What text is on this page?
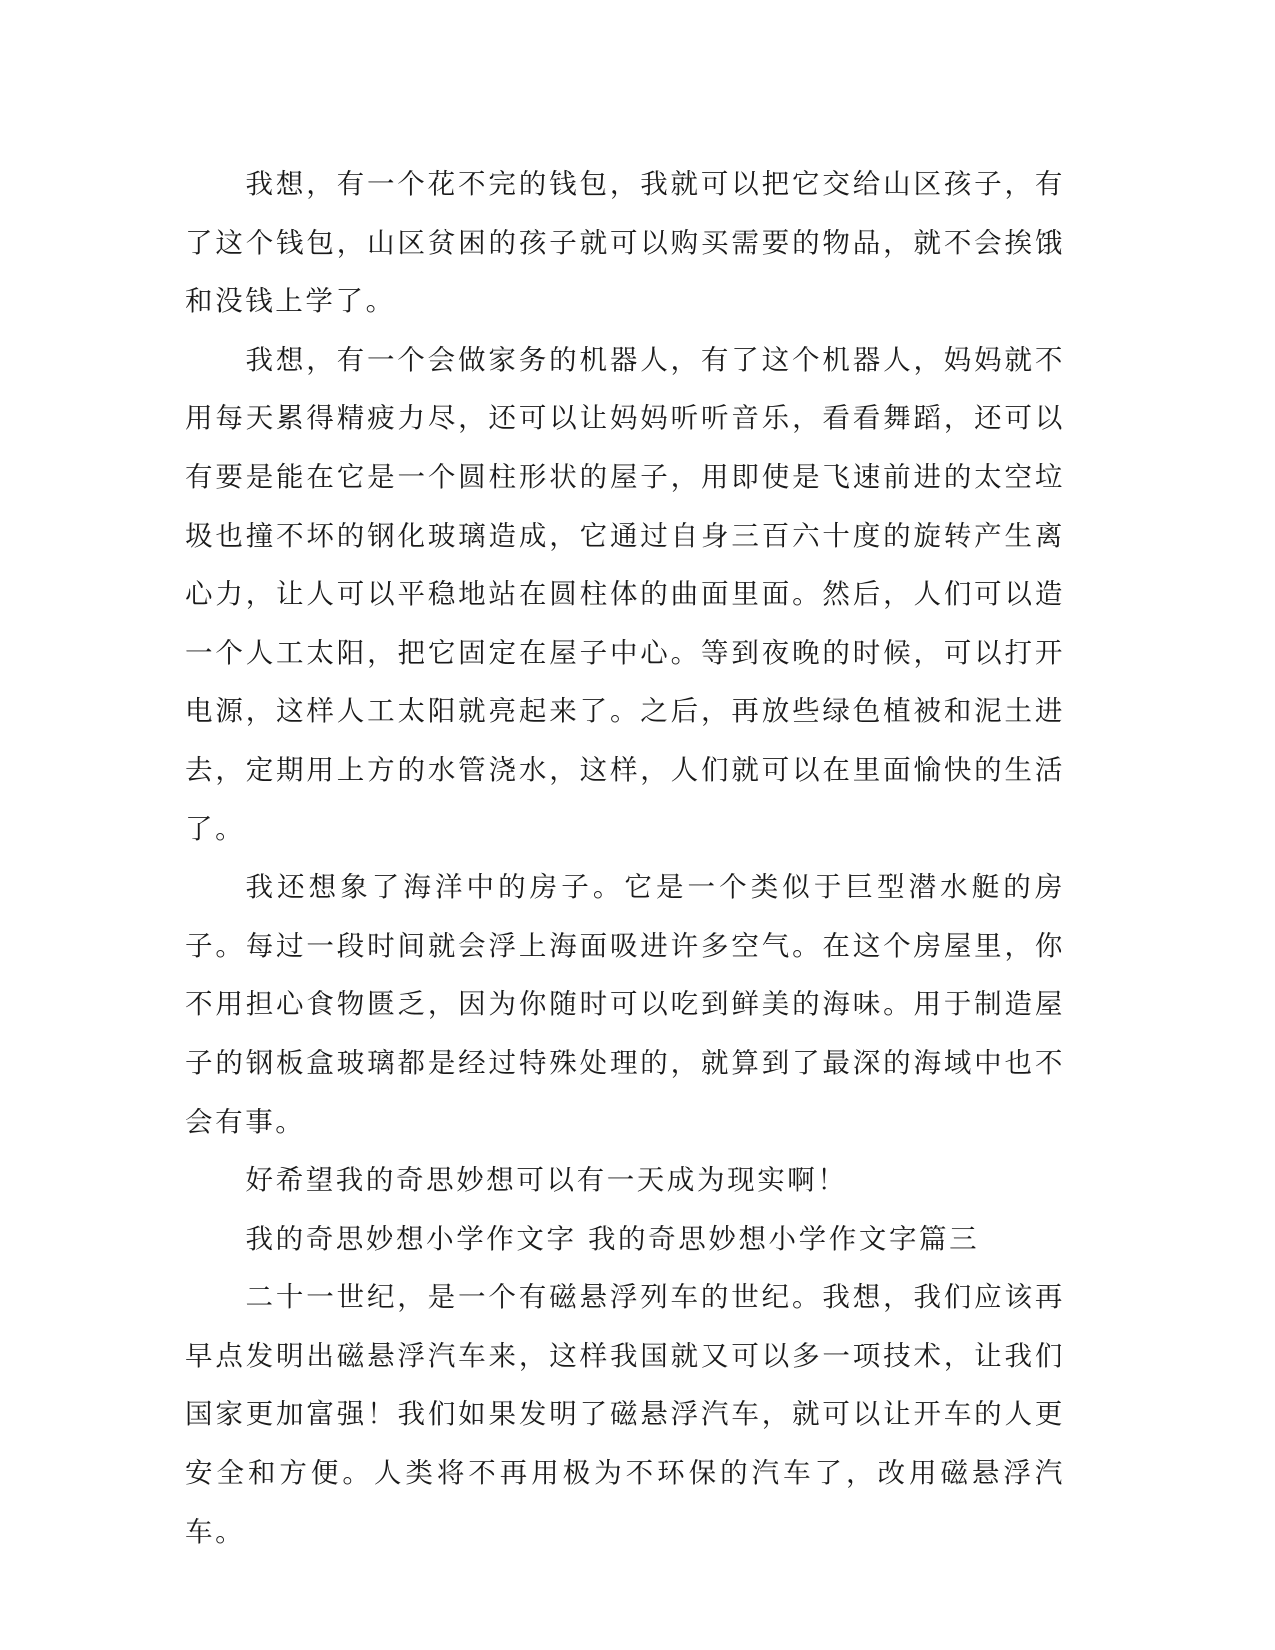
我想，有一个花不完的钱包，我就可以把它交给山区孩子，有了这个钱包，山区贫困的孩子就可以购买需要的物品，就不会挨饿和没钱上学了。

我想，有一个会做家务的机器人，有了这个机器人，妈妈就不用每天累得精疲力尽，还可以让妈妈听听音乐，看看舞蹈，还可以有要是能在它是一个圆柱形状的屋子，用即使是飞速前进的太空垃圾也撞不坏的钢化玻璃造成，它通过自身三百六十度的旋转产生离心力，让人可以平稳地站在圆柱体的曲面里面。然后，人们可以造一个人工太阳，把它固定在屋子中心。等到夜晚的时候，可以打开电源，这样人工太阳就亮起来了。之后，再放些绿色植被和泥土进去，定期用上方的水管浇水，这样，人们就可以在里面愉快的生活了。

我还想象了海洋中的房子。它是一个类似于巨型潜水艇的房子。每过一段时间就会浮上海面吸进许多空气。在这个房屋里，你不用担心食物匮乏，因为你随时可以吃到鲜美的海味。用于制造屋子的钢板盒玻璃都是经过特殊处理的，就算到了最深的海域中也不会有事。

好希望我的奇思妙想可以有一天成为现实啊！

我的奇思妙想小学作文字 我的奇思妙想小学作文字篇三

二十一世纪，是一个有磁悬浮列车的世纪。我想，我们应该再早点发明出磁悬浮汽车来，这样我国就又可以多一项技术，让我们国家更加富强！我们如果发明了磁悬浮汽车，就可以让开车的人更安全和方便。人类将不再用极为不环保的汽车了，改用磁悬浮汽车。
